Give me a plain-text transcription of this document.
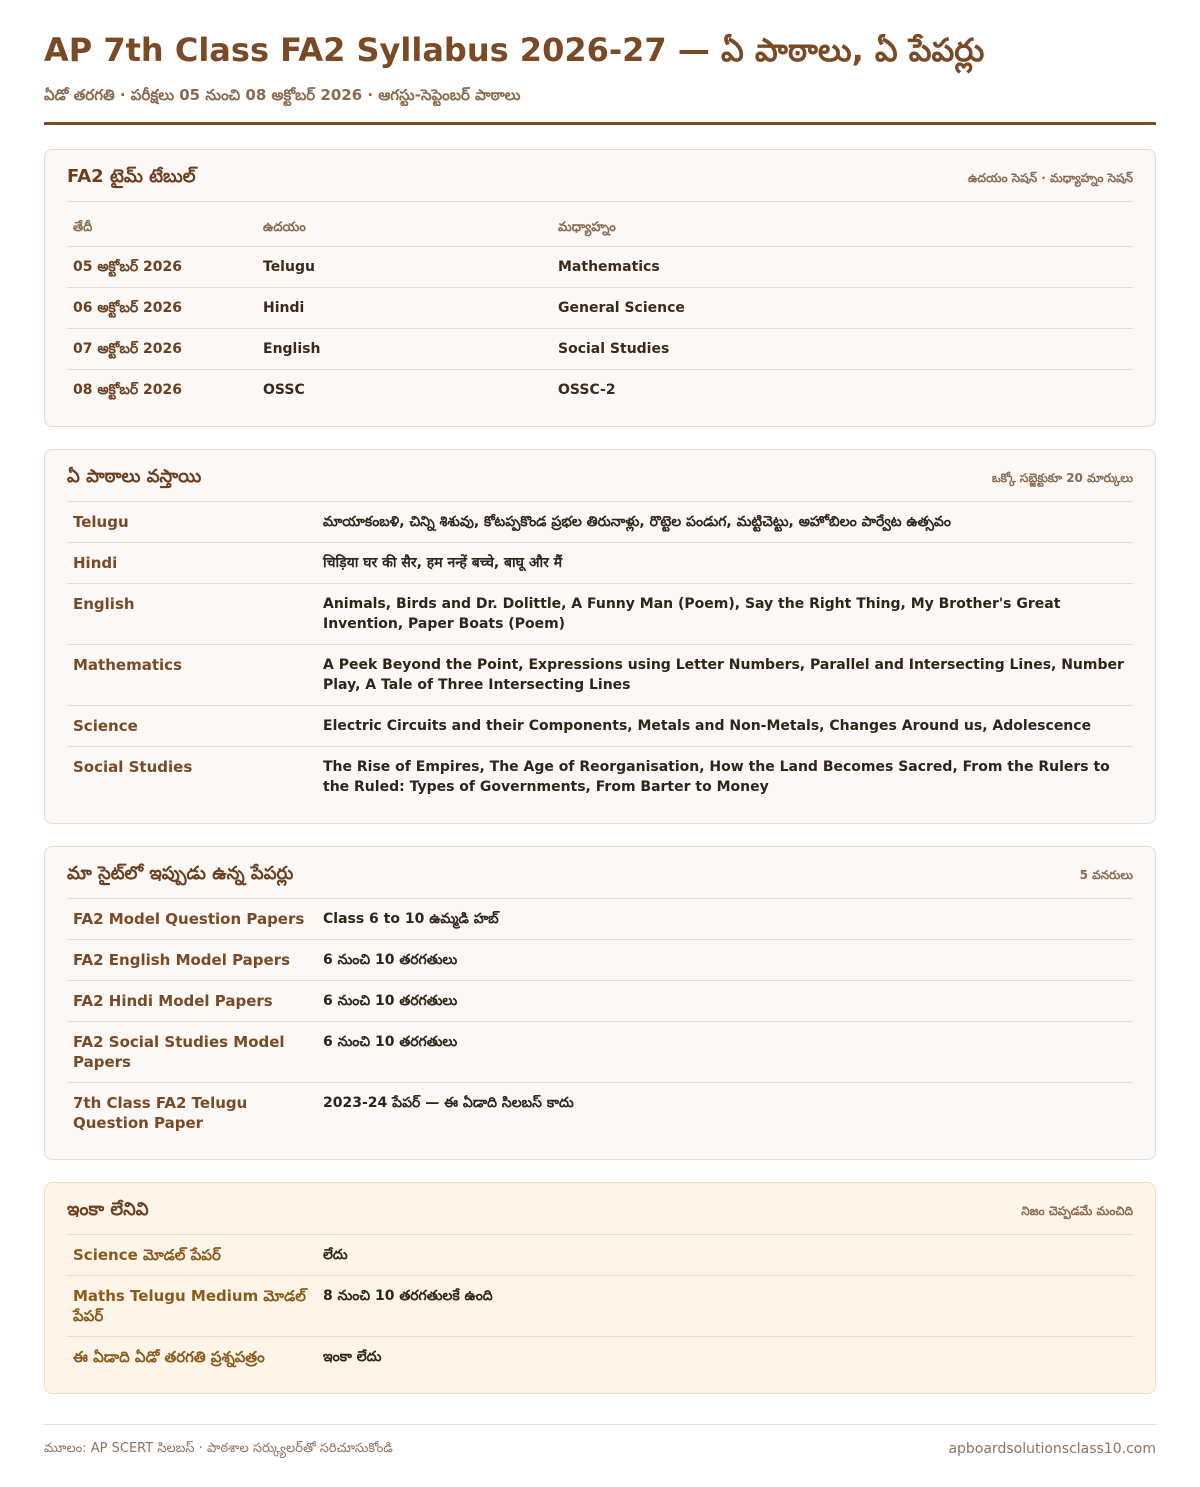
AP 7th Class FA2 Syllabus 2026-27 — ఏ పాఠాలు, ఏ పేపర్లు
ఏడో తరగతి · పరీక్షలు 05 నుంచి 08 అక్టోబర్ 2026 · ఆగస్టు-సెప్టెంబర్ పాఠాలు
FA2 టైమ్ టేబుల్	ఉదయం సెషన్ · మధ్యాహ్నం సెషన్
తేదీ	ఉదయం	మధ్యాహ్నం
05 అక్టోబర్ 2026	Telugu	Mathematics
06 అక్టోబర్ 2026	Hindi	General Science
07 అక్టోబర్ 2026	English	Social Studies
08 అక్టోబర్ 2026	OSSC	OSSC-2
ఏ పాఠాలు వస్తాయి	ఒక్కో సబ్జెక్టుకూ 20 మార్కులు
Telugu	మాయాకంబళి, చిన్ని శిశువు, కోటప్పకొండ ప్రభల తిరునాళ్లు, రొట్టెల పండుగ, మట్టిచెట్టు, అహోబిలం పార్వేట ఉత్సవం
Hindi	चिड़िया घर की सैर, हम नन्हें बच्चे, बाघू और मैं
English	Animals, Birds and Dr. Dolittle, A Funny Man (Poem), Say the Right Thing, My Brother's Great Invention, Paper Boats (Poem)
Mathematics	A Peek Beyond the Point, Expressions using Letter Numbers, Parallel and Intersecting Lines, Number Play, A Tale of Three Intersecting Lines
Science	Electric Circuits and their Components, Metals and Non-Metals, Changes Around us, Adolescence
Social Studies	The Rise of Empires, The Age of Reorganisation, How the Land Becomes Sacred, From the Rulers to the Ruled: Types of Governments, From Barter to Money
మా సైట్‌లో ఇప్పుడు ఉన్న పేపర్లు	5 వనరులు
FA2 Model Question Papers	Class 6 to 10 ఉమ్మడి హబ్
FA2 English Model Papers	6 నుంచి 10 తరగతులు
FA2 Hindi Model Papers	6 నుంచి 10 తరగతులు
FA2 Social Studies Model Papers	6 నుంచి 10 తరగతులు
7th Class FA2 Telugu Question Paper	2023-24 పేపర్ — ఈ ఏడాది సిలబస్ కాదు
ఇంకా లేనివి	నిజం చెప్పడమే మంచిది
Science మోడల్ పేపర్	లేదు
Maths Telugu Medium మోడల్ పేపర్	8 నుంచి 10 తరగతులకే ఉంది
ఈ ఏడాది ఏడో తరగతి ప్రశ్నపత్రం	ఇంకా లేదు
మూలం: AP SCERT సిలబస్ · పాఠశాల సర్క్యులర్‌తో సరిచూసుకోండి	apboardsolutionsclass10.com
